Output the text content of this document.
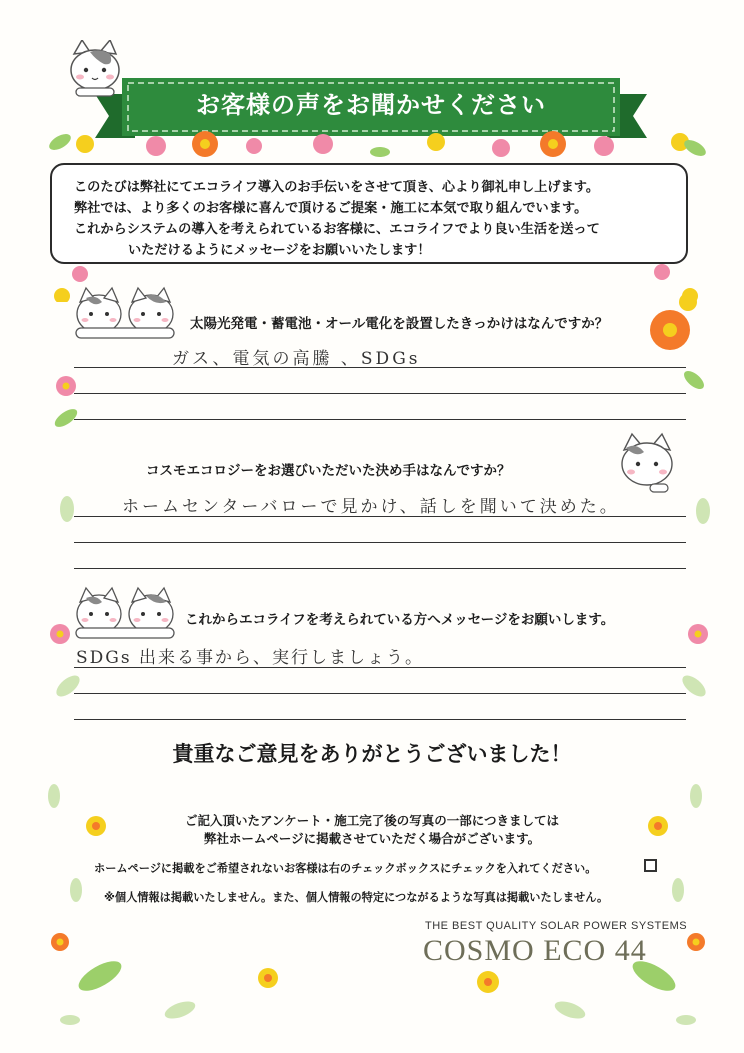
お客様の声をお聞かせください

このたびは弊社にてエコライフ導入のお手伝いをさせて頂き、心より御礼申し上げます。

弊社では、より多くのお客様に喜んで頂けるご提案・施工に本気で取り組んでいます。

これからシステムの導入を考えられているお客様に、エコライフでより良い生活を送って

いただけるようにメッセージをお願いいたします！

太陽光発電・蓄電池・オール電化を設置したきっかけはなんですか？
ガス、電気の高騰 、SDGs
コスモエコロジーをお選びいただいた決め手はなんですか？
ホームセンターバローで見かけ、話しを聞いて決めた。
これからエコライフを考えられている方へメッセージをお願いします。
SDGs 出来る事から、実行しましょう。
貴重なご意見をありがとうございました！
ご記入頂いたアンケート・施工完了後の写真の一部につきましては
弊社ホームページに掲載させていただく場合がございます。
ホームページに掲載をご希望されないお客様は右のチェックボックスにチェックを入れてください。
※個人情報は掲載いたしません。また、個人情報の特定につながるような写真は掲載いたしません。
THE BEST QUALITY SOLAR POWER SYSTEMS
COSMO ECO 44
